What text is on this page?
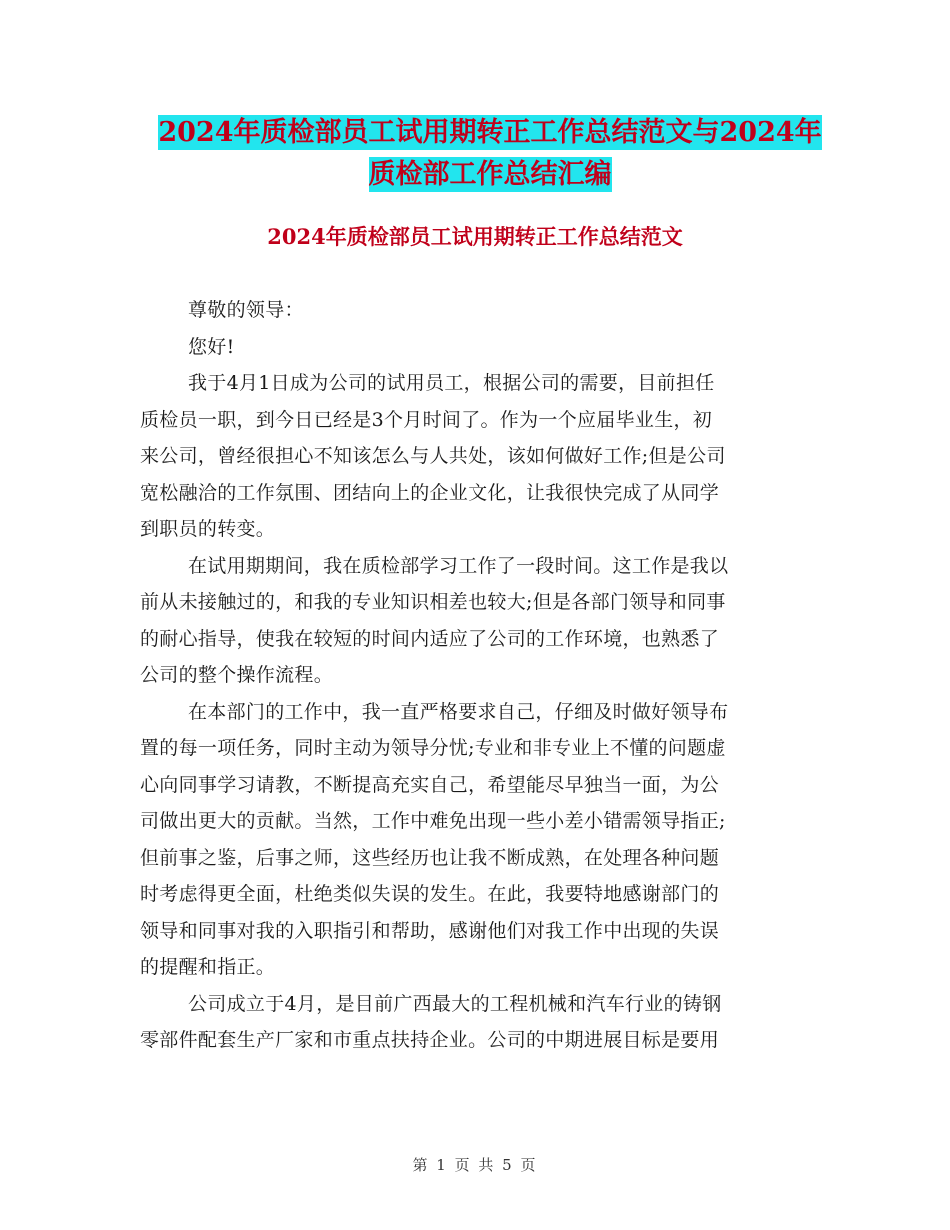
2024年质检部员工试用期转正工作总结范文与2024年
质检部工作总结汇编
2024年质检部员工试用期转正工作总结范文

尊敬的领导：

您好!

我于4月1日成为公司的试用员工，根据公司的需要，目前担任
质检员一职，到今日已经是3个月时间了。作为一个应届毕业生，初
来公司，曾经很担心不知该怎么与人共处，该如何做好工作;但是公司
宽松融洽的工作氛围、团结向上的企业文化，让我很快完成了从同学
到职员的转变。

在试用期期间，我在质检部学习工作了一段时间。这工作是我以
前从未接触过的，和我的专业知识相差也较大;但是各部门领导和同事
的耐心指导，使我在较短的时间内适应了公司的工作环境，也熟悉了
公司的整个操作流程。

在本部门的工作中，我一直严格要求自己，仔细及时做好领导布
置的每一项任务，同时主动为领导分忧;专业和非专业上不懂的问题虚
心向同事学习请教，不断提高充实自己，希望能尽早独当一面，为公
司做出更大的贡献。当然，工作中难免出现一些小差小错需领导指正;
但前事之鉴，后事之师，这些经历也让我不断成熟，在处理各种问题
时考虑得更全面，杜绝类似失误的发生。在此，我要特地感谢部门的
领导和同事对我的入职指引和帮助，感谢他们对我工作中出现的失误
的提醒和指正。

公司成立于4月，是目前广西最大的工程机械和汽车行业的铸钢
零部件配套生产厂家和市重点扶持企业。公司的中期进展目标是要用

第 1 页 共 5 页
